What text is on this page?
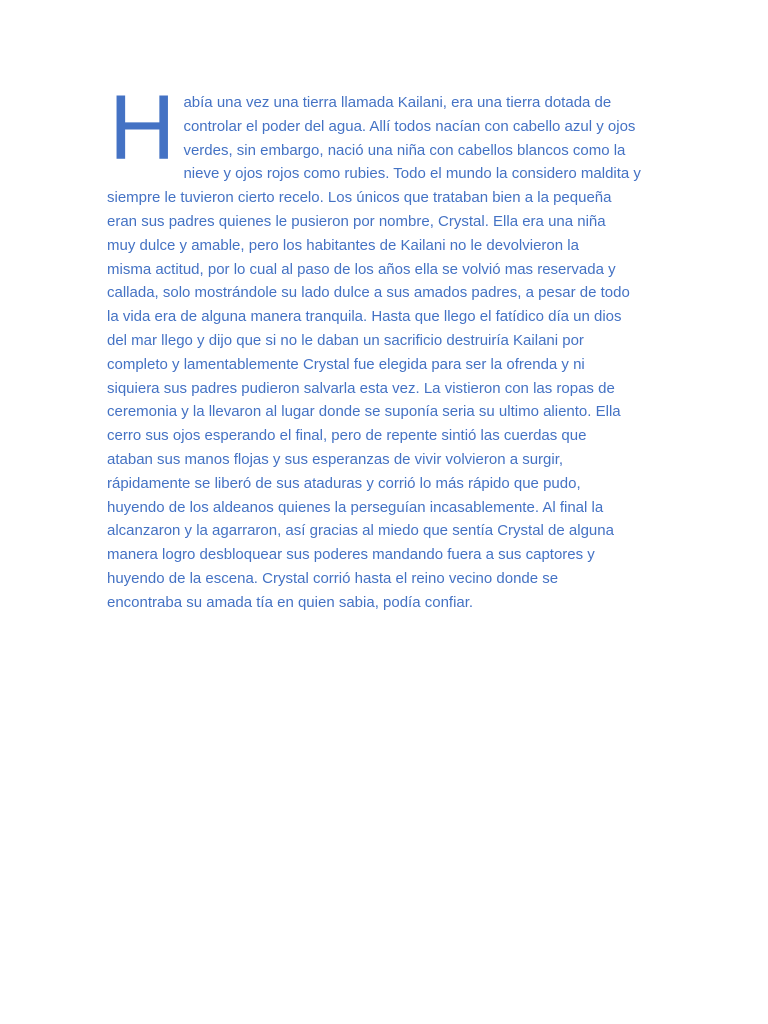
H abía una vez una tierra llamada Kailani, era una tierra dotada de
controlar el poder del agua. Allí todos nacían con cabello azul y ojos
verdes, sin embargo, nació una niña con cabellos blancos como la
nieve y ojos rojos como rubies. Todo el mundo la considero maldita y
siempre le tuvieron cierto recelo. Los únicos que trataban bien a la pequeña
eran sus padres quienes le pusieron por nombre, Crystal. Ella era una niña
muy dulce y amable, pero los habitantes de Kailani no le devolvieron la
misma actitud, por lo cual al paso de los años ella se volvió mas reservada y
callada, solo mostrándole su lado dulce a sus amados padres, a pesar de todo
la vida era de alguna manera tranquila. Hasta que llego el fatídico día un dios
del mar llego y dijo que si no le daban un sacrificio destruiría Kailani por
completo y lamentablemente Crystal fue elegida para ser la ofrenda y ni
siquiera sus padres pudieron salvarla esta vez. La vistieron con las ropas de
ceremonia y la llevaron al lugar donde se suponía seria su ultimo aliento. Ella
cerro sus ojos esperando el final, pero de repente sintió las cuerdas que
ataban sus manos flojas y sus esperanzas de vivir volvieron a surgir,
rápidamente se liberó de sus ataduras y corrió lo más rápido que pudo,
huyendo de los aldeanos quienes la perseguían incasablemente. Al final la
alcanzaron y la agarraron, así gracias al miedo que sentía Crystal de alguna
manera logro desbloquear sus poderes mandando fuera a sus captores y
huyendo de la escena. Crystal corrió hasta el reino vecino donde se
encontraba su amada tía en quien sabia, podía confiar.
